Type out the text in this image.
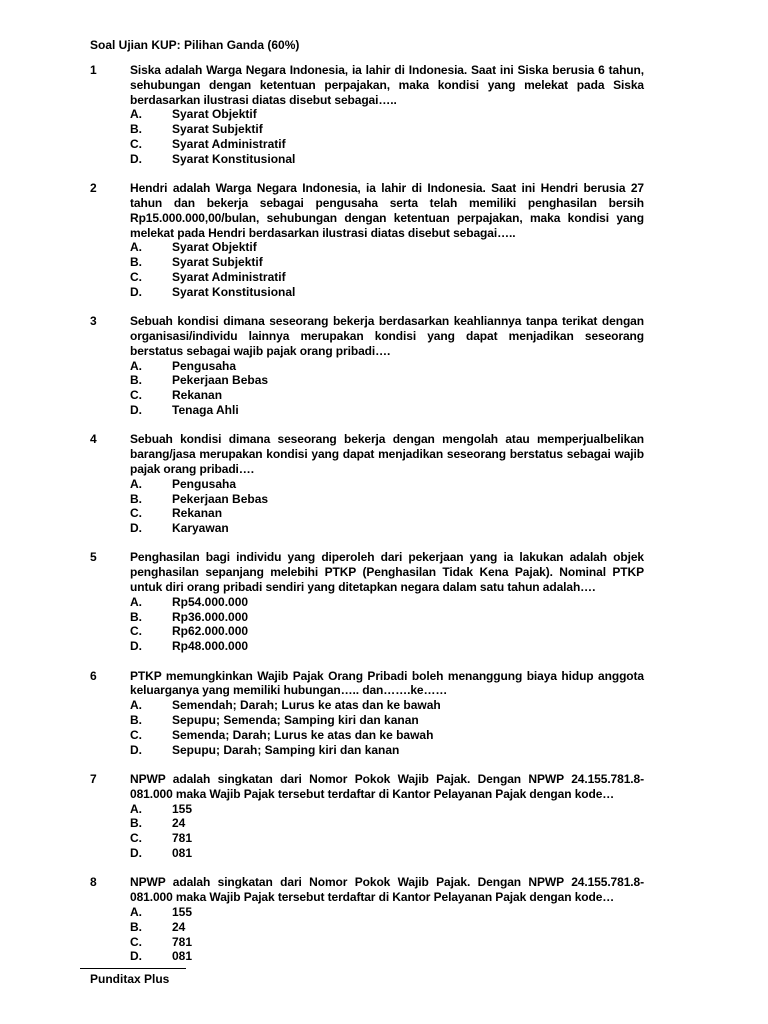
Soal Ujian KUP: Pilihan Ganda (60%)
1	Siska adalah Warga Negara Indonesia, ia lahir di Indonesia. Saat ini Siska berusia 6 tahun, sehubungan dengan ketentuan perpajakan, maka kondisi yang melekat pada Siska berdasarkan ilustrasi diatas disebut sebagai…..

A.	Syarat Objektif
B.	Syarat Subjektif
C.	Syarat Administratif
D.	Syarat Konstitusional
2	Hendri adalah Warga Negara Indonesia, ia lahir di Indonesia. Saat ini Hendri berusia 27 tahun dan bekerja sebagai pengusaha serta telah memiliki penghasilan bersih Rp15.000.000,00/bulan, sehubungan dengan ketentuan perpajakan, maka kondisi yang melekat pada Hendri berdasarkan ilustrasi diatas disebut sebagai…..

A.	Syarat Objektif
B.	Syarat Subjektif
C.	Syarat Administratif
D.	Syarat Konstitusional
3	Sebuah kondisi dimana seseorang bekerja berdasarkan keahliannya tanpa terikat dengan organisasi/individu lainnya merupakan kondisi yang dapat menjadikan seseorang berstatus sebagai wajib pajak orang pribadi….

A.	Pengusaha
B.	Pekerjaan Bebas
C.	Rekanan
D.	Tenaga Ahli
4	Sebuah kondisi dimana seseorang bekerja dengan mengolah atau memperjualbelikan barang/jasa merupakan kondisi yang dapat menjadikan seseorang berstatus sebagai wajib pajak orang pribadi….

A.	Pengusaha
B.	Pekerjaan Bebas
C.	Rekanan
D.	Karyawan
5	Penghasilan bagi individu yang diperoleh dari pekerjaan yang ia lakukan adalah objek penghasilan sepanjang melebihi PTKP (Penghasilan Tidak Kena Pajak). Nominal PTKP untuk diri orang pribadi sendiri yang ditetapkan negara dalam satu tahun adalah….

A.	Rp54.000.000
B.	Rp36.000.000
C.	Rp62.000.000
D.	Rp48.000.000
6	PTKP memungkinkan Wajib Pajak Orang Pribadi boleh menanggung biaya hidup anggota keluarganya yang memiliki hubungan….. dan…….ke……

A.	Semendah; Darah; Lurus ke atas dan ke bawah
B.	Sepupu; Semenda; Samping kiri dan kanan
C.	Semenda; Darah; Lurus ke atas dan ke bawah
D.	Sepupu; Darah; Samping kiri dan kanan
7	NPWP adalah singkatan dari Nomor Pokok Wajib Pajak. Dengan NPWP 24.155.781.8-081.000 maka Wajib Pajak tersebut terdaftar di Kantor Pelayanan Pajak dengan kode…

A.	155
B.	24
C.	781
D.	081
8	NPWP adalah singkatan dari Nomor Pokok Wajib Pajak. Dengan NPWP 24.155.781.8-081.000 maka Wajib Pajak tersebut terdaftar di Kantor Pelayanan Pajak dengan kode…

A.	155
B.	24
C.	781
D.	081
Punditax Plus
